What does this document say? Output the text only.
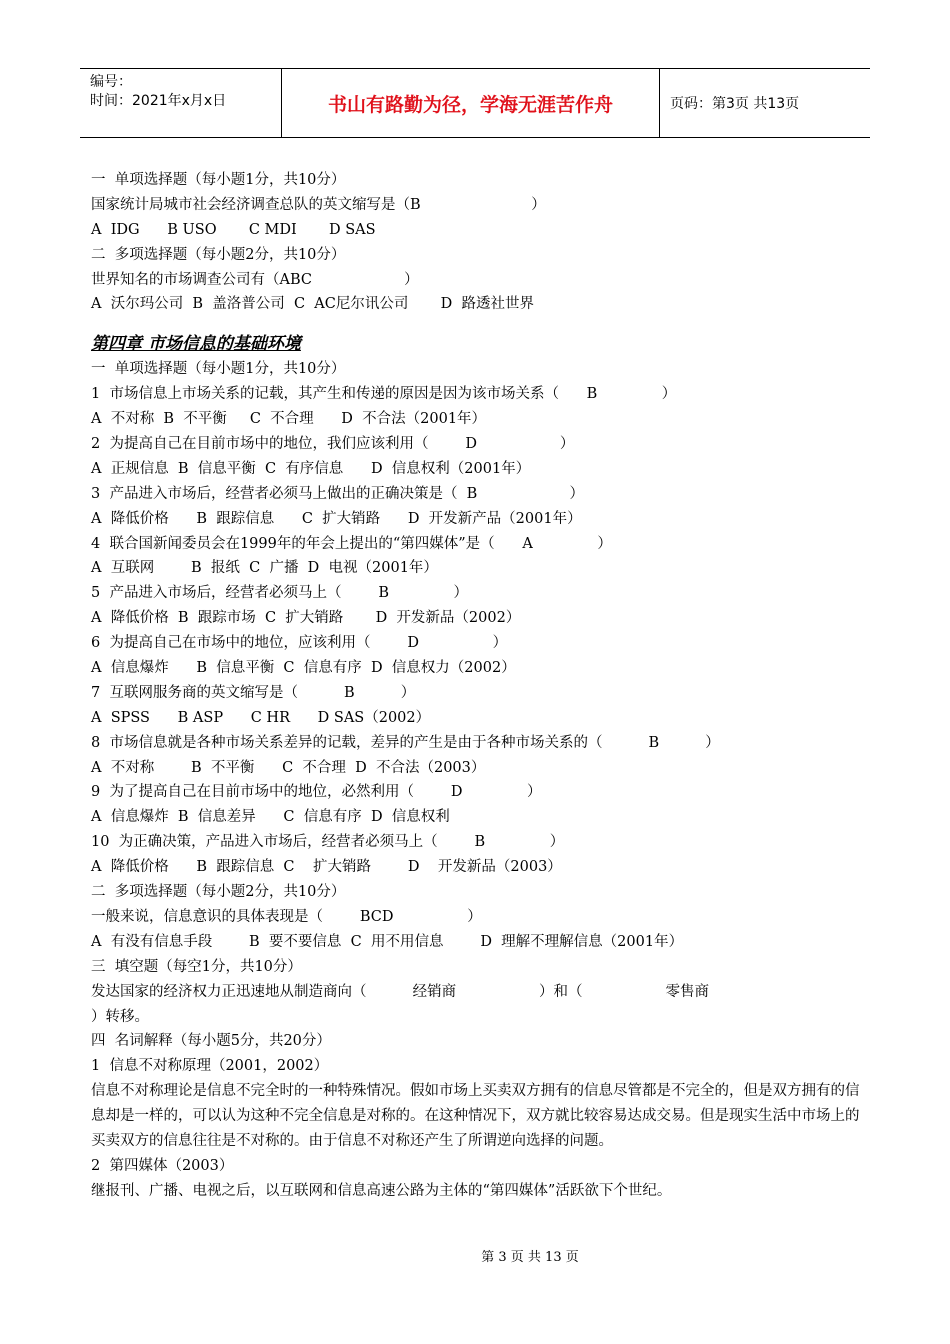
编号：
时间：2021年x月x日	书山有路勤为径，学海无涯苦作舟	页码：第3页 共13页
一  单项选择题（每小题1分，共10分）
国家统计局城市社会经济调查总队的英文缩写是（B                        ）
A  IDG      B USO       C MDI       D SAS
二  多项选择题（每小题2分，共10分）
世界知名的市场调查公司有（ABC                    ）
A  沃尔玛公司  B  盖洛普公司  C  AC尼尔讯公司       D  路透社世界
第四章 市场信息的基础环境
一  单项选择题（每小题1分，共10分）
1  市场信息上市场关系的记载，其产生和传递的原因是因为该市场关系（      B              ）
A  不对称  B  不平衡     C  不合理      D  不合法（2001年）
2  为提高自己在目前市场中的地位，我们应该利用（        D                  ）
A  正规信息  B  信息平衡  C  有序信息      D  信息权利（2001年）
3  产品进入市场后，经营者必须马上做出的正确决策是（  B                    ）
A  降低价格      B  跟踪信息      C  扩大销路      D  开发新产品（2001年）
4  联合国新闻委员会在1999年的年会上提出的“第四媒体”是（      A              ）
A  互联网        B  报纸  C  广播  D  电视（2001年）
5  产品进入市场后，经营者必须马上（        B              ）
A  降低价格  B  跟踪市场  C  扩大销路       D  开发新品（2002）
6  为提高自己在市场中的地位，应该利用（        D                ）
A  信息爆炸      B  信息平衡  C  信息有序  D  信息权力（2002）
7  互联网服务商的英文缩写是（          B          ）
A  SPSS      B ASP      C HR      D SAS（2002）
8  市场信息就是各种市场关系差异的记载，差异的产生是由于各种市场关系的（          B          ）
A  不对称        B  不平衡      C  不合理  D  不合法（2003）
9  为了提高自己在目前市场中的地位，必然利用（        D              ）
A  信息爆炸  B  信息差异      C  信息有序  D  信息权利
10  为正确决策，产品进入市场后，经营者必须马上（        B              ）
A  降低价格      B  跟踪信息  C    扩大销路        D    开发新品（2003）
二  多项选择题（每小题2分，共10分）
一般来说，信息意识的具体表现是（        BCD                ）
A  有没有信息手段        B  要不要信息  C  用不用信息        D  理解不理解信息（2001年）
三  填空题（每空1分，共10分）
发达国家的经济权力正迅速地从制造商向（          经销商                  ）和（                  零售商
）转移。
四  名词解释（每小题5分，共20分）
1  信息不对称原理（2001，2002）
信息不对称理论是信息不完全时的一种特殊情况。假如市场上买卖双方拥有的信息尽管都是不完全的，但是双方拥有的信息却是一样的，可以认为这种不完全信息是对称的。在这种情况下，双方就比较容易达成交易。但是现实生活中市场上的买卖双方的信息往往是不对称的。由于信息不对称还产生了所谓逆向选择的问题。
2  第四媒体（2003）
继报刊、广播、电视之后，以互联网和信息高速公路为主体的“第四媒体”活跃欲下个世纪。
第 3 页 共 13 页
